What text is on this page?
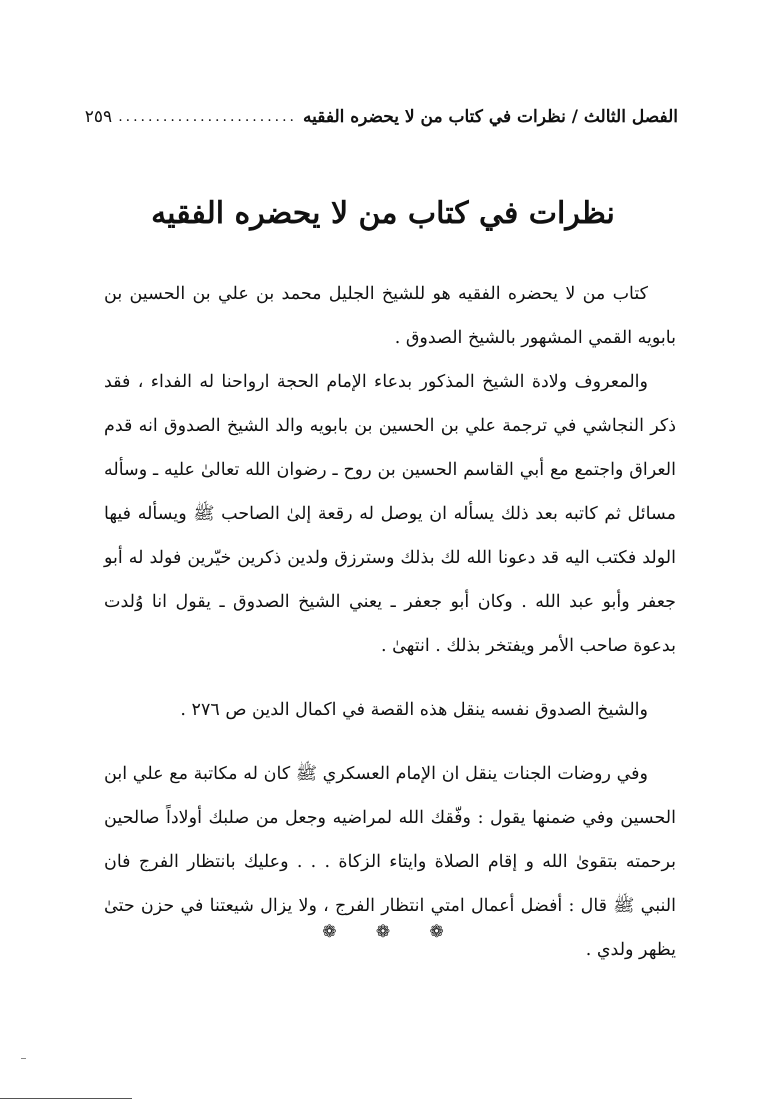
الفصل الثالث / نظرات في كتاب من لا يحضره الفقيه
........................
٢٥٩
نظرات في كتاب من لا يحضره الفقيه

كتاب من لا يحضره الفقيه هو للشيخ الجليل محمد بن علي بن الحسين بن بابويه القمي المشهور بالشيخ الصدوق .

والمعروف ولادة الشيخ المذكور بدعاء الإمام الحجة ارواحنا له الفداء ، فقد ذكر النجاشي في ترجمة علي بن الحسين بن بابويه والد الشيخ الصدوق انه قدم العراق واجتمع مع أبي القاسم الحسين بن روح ـ رضوان الله تعالىٰ عليه ـ وسأله مسائل ثم كاتبه بعد ذلك يسأله ان يوصل له رقعة إلىٰ الصاحب ﷺ ويسأله فيها الولد فكتب اليه قد دعونا الله لك بذلك وسترزق ولدين ذكرين خيّرين فولد له أبو جعفر وأبو عبد الله . وكان أبو جعفر ـ يعني الشيخ الصدوق ـ يقول انا وُلدت بدعوة صاحب الأمر ويفتخر بذلك . انتهىٰ .

والشيخ الصدوق نفسه ينقل هذه القصة في اكمال الدين ص ٢٧٦ .

وفي روضات الجنات ينقل ان الإمام العسكري ﷺ كان له مكاتبة مع علي ابن الحسين وفي ضمنها يقول : وفّقك الله لمراضيه وجعل من صلبك أولاداً صالحين برحمته بتقوىٰ الله و إقام الصلاة وايتاء الزكاة . . . وعليك بانتظار الفرج فان النبي ﷺ قال : أفضل أعمال امتي انتظار الفرج ، ولا يزال شيعتنا في حزن حتىٰ يظهر ولدي .

❁ ❁ ❁
